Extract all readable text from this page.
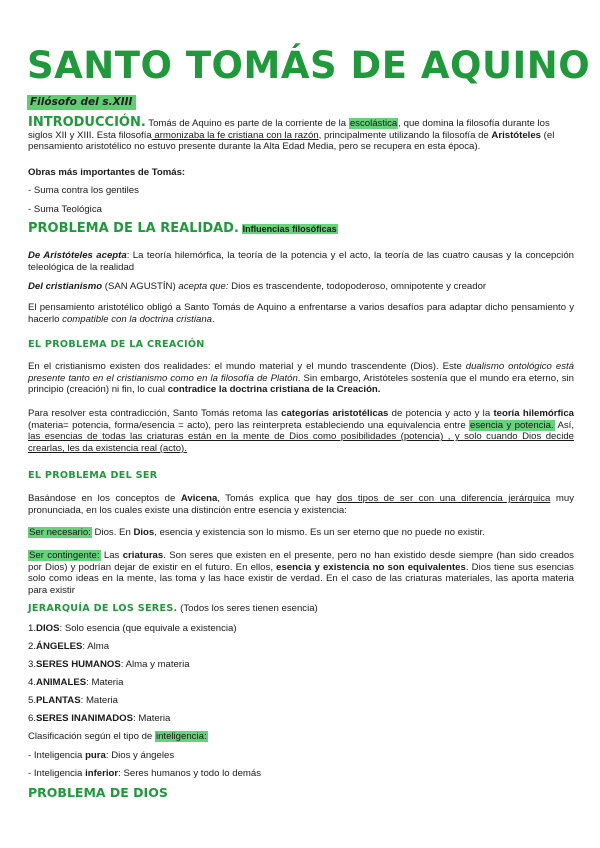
SANTO TOMÁS DE AQUINO
Filósofo del s.XIII
INTRODUCCIÓN. Tomás de Aquino es parte de la corriente de la escolástica, que domina la filosofía durante los siglos XII y XIII. Esta filosofía armonizaba la fe cristiana con la razón, principalmente utilizando la filosofía de Aristóteles (el pensamiento aristotélico no estuvo presente durante la Alta Edad Media, pero se recupera en esta época).
Obras más importantes de Tomás:
- Suma contra los gentiles
- Suma Teológica
PROBLEMA DE LA REALIDAD. Influencias filosóficas
De Aristóteles acepta: La teoría hilemórfica, la teoría de la potencia y el acto, la teoría de las cuatro causas y la concepción teleológica de la realidad
Del cristianismo (SAN AGUSTÍN) acepta que: Dios es trascendente, todopoderoso, omnipotente y creador
El pensamiento aristotélico obligó a Santo Tomás de Aquino a enfrentarse a varios desafíos para adaptar dicho pensamiento y hacerlo compatible con la doctrina cristiana.
EL PROBLEMA DE LA CREACIÓN
En el cristianismo existen dos realidades: el mundo material y el mundo trascendente (Dios). Este dualismo ontológico está presente tanto en el cristianismo como en la filosofía de Platón. Sin embargo, Aristóteles sostenía que el mundo era eterno, sin principio (creación) ni fin, lo cual contradice la doctrina cristiana de la Creación.
Para resolver esta contradicción, Santo Tomás retoma las categorías aristotélicas de potencia y acto y la teoría hilemórfica (materia= potencia, forma/esencia = acto), pero las reinterpreta estableciendo una equivalencia entre esencia y potencia. Así, las esencias de todas las criaturas están en la mente de Dios como posibilidades (potencia) , y solo cuando Dios decide crearlas, les da existencia real (acto).
EL PROBLEMA DEL SER
Basándose en los conceptos de Avicena, Tomás explica que hay dos tipos de ser con una diferencia jerárquica muy pronunciada, en los cuales existe una distinción entre esencia y existencia:
Ser necesario: Dios. En Dios, esencia y existencia son lo mismo. Es un ser eterno que no puede no existir.
Ser contingente: Las criaturas. Son seres que existen en el presente, pero no han existido desde siempre (han sido creados por Dios) y podrían dejar de existir en el futuro. En ellos, esencia y existencia no son equivalentes. Dios tiene sus esencias solo como ideas en la mente, las toma y las hace existir de verdad. En el caso de las criaturas materiales, las aporta materia para existir
JERARQUÍA DE LOS SERES. (Todos los seres tienen esencia)
1.DIOS: Solo esencia (que equivale a existencia)
2.ÁNGELES: Alma
3.SERES HUMANOS: Alma y materia
4.ANIMALES: Materia
5.PLANTAS: Materia
6.SERES INANIMADOS: Materia
Clasificación según el tipo de inteligencia:
- Inteligencia pura: Dios y ángeles
- Inteligencia inferior: Seres humanos y todo lo demás
PROBLEMA DE DIOS
